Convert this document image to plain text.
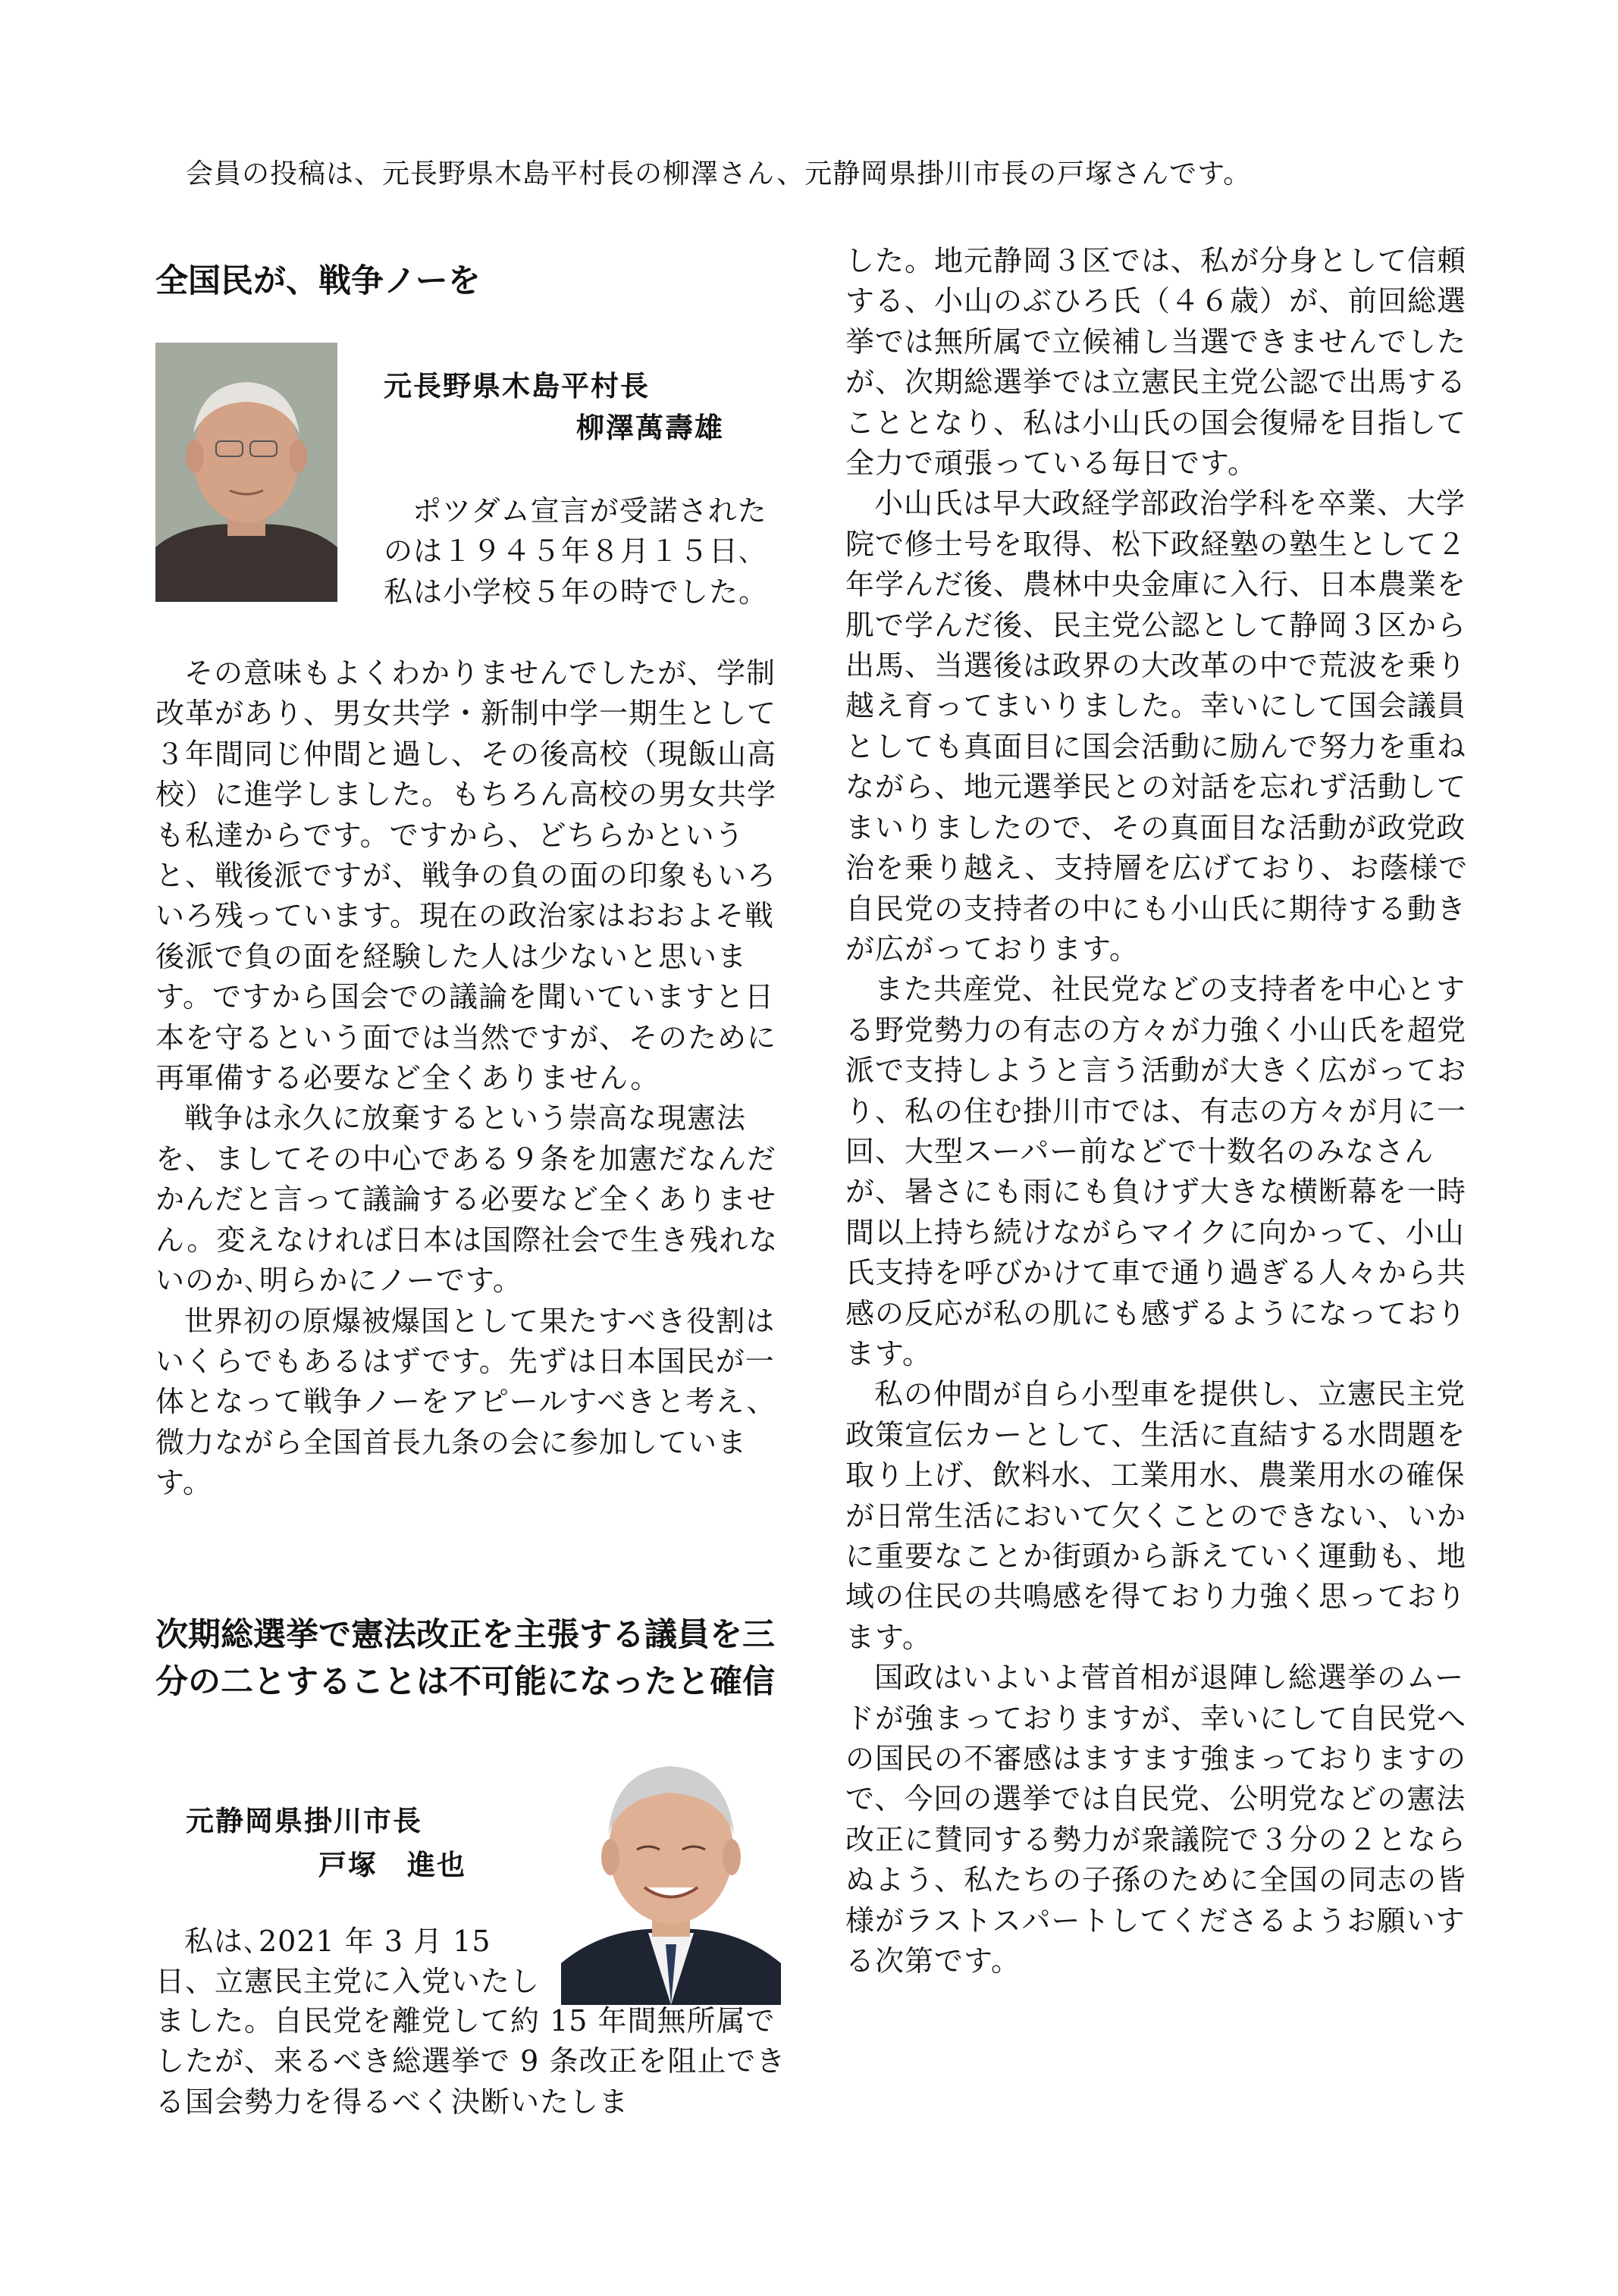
会員の投稿は、元長野県木島平村長の柳澤さん、元静岡県掛川市長の戸塚さんです。
全国民が、戦争ノーを
元長野県木島平村長
柳澤萬壽雄

ポツダム宣言が受諾されたのは１９４５年８月１５日､私は小学校５年の時でした。

その意味もよくわかりませんでしたが、学制改革があり、男女共学・新制中学一期生として３年間同じ仲間と過し、その後高校（現飯山高校）に進学しました。もちろん高校の男女共学も私達からです。ですから、どちらかというと、戦後派ですが、戦争の負の面の印象もいろいろ残っています。現在の政治家はおおよそ戦後派で負の面を経験した人は少ないと思います。ですから国会での議論を聞いていますと日本を守るという面では当然ですが、そのために再軍備する必要など全くありません。

戦争は永久に放棄するという崇高な現憲法を、ましてその中心である９条を加憲だなんだかんだと言って議論する必要など全くありません。変えなければ日本は国際社会で生き残れないのか､明らかにノーです。

世界初の原爆被爆国として果たすべき役割はいくらでもあるはずです。先ずは日本国民が一体となって戦争ノーをアピールすべきと考え、微力ながら全国首長九条の会に参加しています。

次期総選挙で憲法改正を主張する議員を三分の二とすることは不可能になったと確信
元静岡県掛川市長
戸塚　進也

私は､2021 年 3 月 15 日、立憲民主党に入党いたし

ました。自民党を離党して約 15 年間無所属でしたが、来るべき総選挙で 9 条改正を阻止できる国会勢力を得るべく決断いたしま

した。地元静岡３区では、私が分身として信頼する、小山のぶひろ氏（４６歳）が、前回総選挙では無所属で立候補し当選できませんでしたが、次期総選挙では立憲民主党公認で出馬することとなり、私は小山氏の国会復帰を目指して全力で頑張っている毎日です。

小山氏は早大政経学部政治学科を卒業、大学院で修士号を取得、松下政経塾の塾生として２年学んだ後、農林中央金庫に入行、日本農業を肌で学んだ後、民主党公認として静岡３区から出馬、当選後は政界の大改革の中で荒波を乗り越え育ってまいりました。幸いにして国会議員としても真面目に国会活動に励んで努力を重ねながら、地元選挙民との対話を忘れず活動してまいりましたので、その真面目な活動が政党政治を乗り越え、支持層を広げており、お蔭様で自民党の支持者の中にも小山氏に期待する動きが広がっております。

また共産党、社民党などの支持者を中心とする野党勢力の有志の方々が力強く小山氏を超党派で支持しようと言う活動が大きく広がっており、私の住む掛川市では、有志の方々が月に一回、大型スーパー前などで十数名のみなさんが、暑さにも雨にも負けず大きな横断幕を一時間以上持ち続けながらマイクに向かって、小山氏支持を呼びかけて車で通り過ぎる人々から共感の反応が私の肌にも感ずるようになっております。

私の仲間が自ら小型車を提供し、立憲民主党政策宣伝カーとして、生活に直結する水問題を取り上げ、飲料水、工業用水、農業用水の確保が日常生活において欠くことのできない、いかに重要なことか街頭から訴えていく運動も、地域の住民の共鳴感を得ており力強く思っております。

国政はいよいよ菅首相が退陣し総選挙のムードが強まっておりますが、幸いにして自民党への国民の不審感はますます強まっておりますので、今回の選挙では自民党、公明党などの憲法改正に賛同する勢力が衆議院で３分の２とならぬよう、私たちの子孫のために全国の同志の皆様がラストスパートしてくださるようお願いする次第です。
